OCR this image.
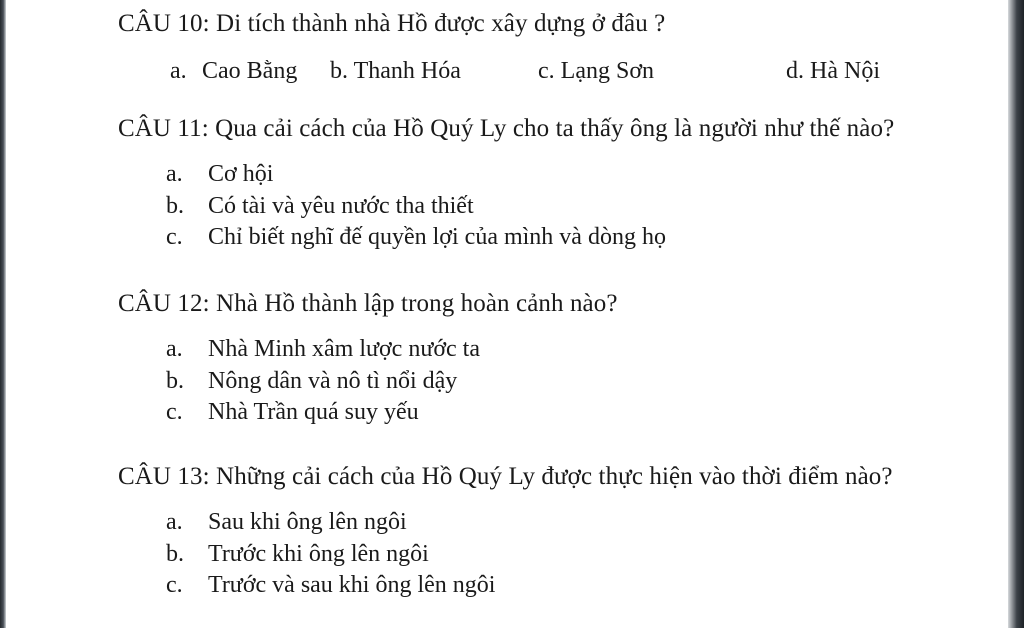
CÂU 10: Di tích thành nhà Hồ được xây dựng ở đâu ?
a. Cao Bằng b. Thanh Hóa	c. Lạng Sơn	d. Hà Nội
CÂU 11: Qua cải cách của Hồ Quý Ly cho ta thấy ông là người như thế nào?
a. Cơ hội
b. Có tài và yêu nước tha thiết
c. Chỉ biết nghĩ đế quyền lợi của mình và dòng họ
CÂU 12: Nhà Hồ thành lập trong hoàn cảnh nào?
a. Nhà Minh xâm lược nước ta
b. Nông dân và nô tì nổi dậy
c. Nhà Trần quá suy yếu
CÂU 13: Những cải cách của Hồ Quý Ly được thực hiện vào thời điểm nào?
a. Sau khi ông lên ngôi
b. Trước khi ông lên ngôi
c. Trước và sau khi ông lên ngôi
